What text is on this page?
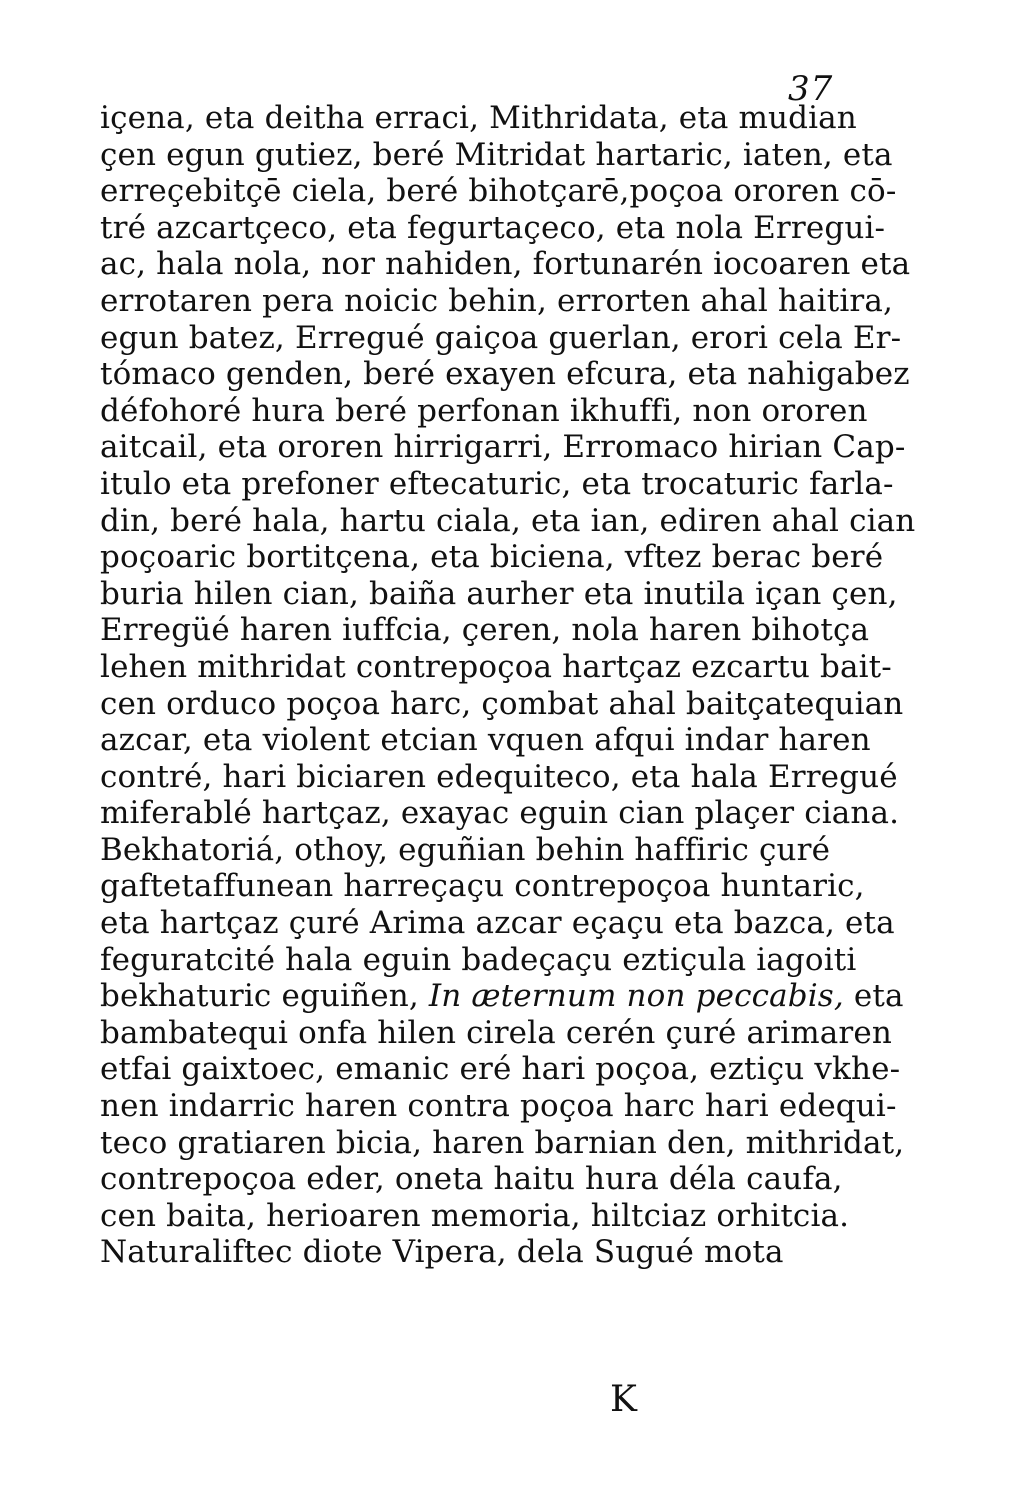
37
içena, eta deitha erraci, Mithridata, eta mudian
çen egun gutiez, beré Mitridat hartaric, iaten, eta
erreçebitçē ciela, beré bihotçarē,poçoa ororen cō-
tré azcartçeco, eta fegurtaçeco, eta nola Erregui-
ac, hala nola, nor nahiden, fortunarén iocoaren eta
errotaren pera noicic behin, errorten ahal haitira,
egun batez, Erregué gaiçoa guerlan, erori cela Er-
tómaco genden, beré exayen efcura, eta nahigabez
défohoré hura beré perfonan ikhuffi, non ororen
aitcail, eta ororen hirrigarri, Erromaco hirian Cap-
itulo eta prefoner eftecaturic, eta trocaturic farla-
din, beré hala, hartu ciala, eta ian, ediren ahal cian
poçoaric bortitçena, eta biciena, vftez berac beré
buria hilen cian, baiña aurher eta inutila içan çen,
Erregüé haren iuffcia, çeren, nola haren bihotça
lehen mithridat contrepoçoa hartçaz ezcartu bait-
cen orduco poçoa harc, çombat ahal baitçatequian
azcar, eta violent etcian vquen afqui indar haren
contré, hari biciaren edequiteco, eta hala Erregué
miferablé hartçaz, exayac eguin cian plaçer ciana.
Bekhatoriá, othoy, eguñian behin haffiric çuré
gaftetaffunean harreçaçu contrepoçoa huntaric,
eta hartçaz çuré Arima azcar eçaçu eta bazca, eta
feguratcité hala eguin badeçaçu eztiçula iagoiti
bekhaturic eguiñen, In æternum non peccabis, eta
bambatequi onfa hilen cirela cerén çuré arimaren
etfai gaixtoec, emanic eré hari poçoa, eztiçu vkhe-
nen indarric haren contra poçoa harc hari edequi-
teco gratiaren bicia, haren barnian den, mithridat,
contrepoçoa eder, oneta haitu hura déla caufa,
cen baita, herioaren memoria, hiltciaz orhitcia.
Naturaliftec diote Vipera, dela Sugué mota
K
